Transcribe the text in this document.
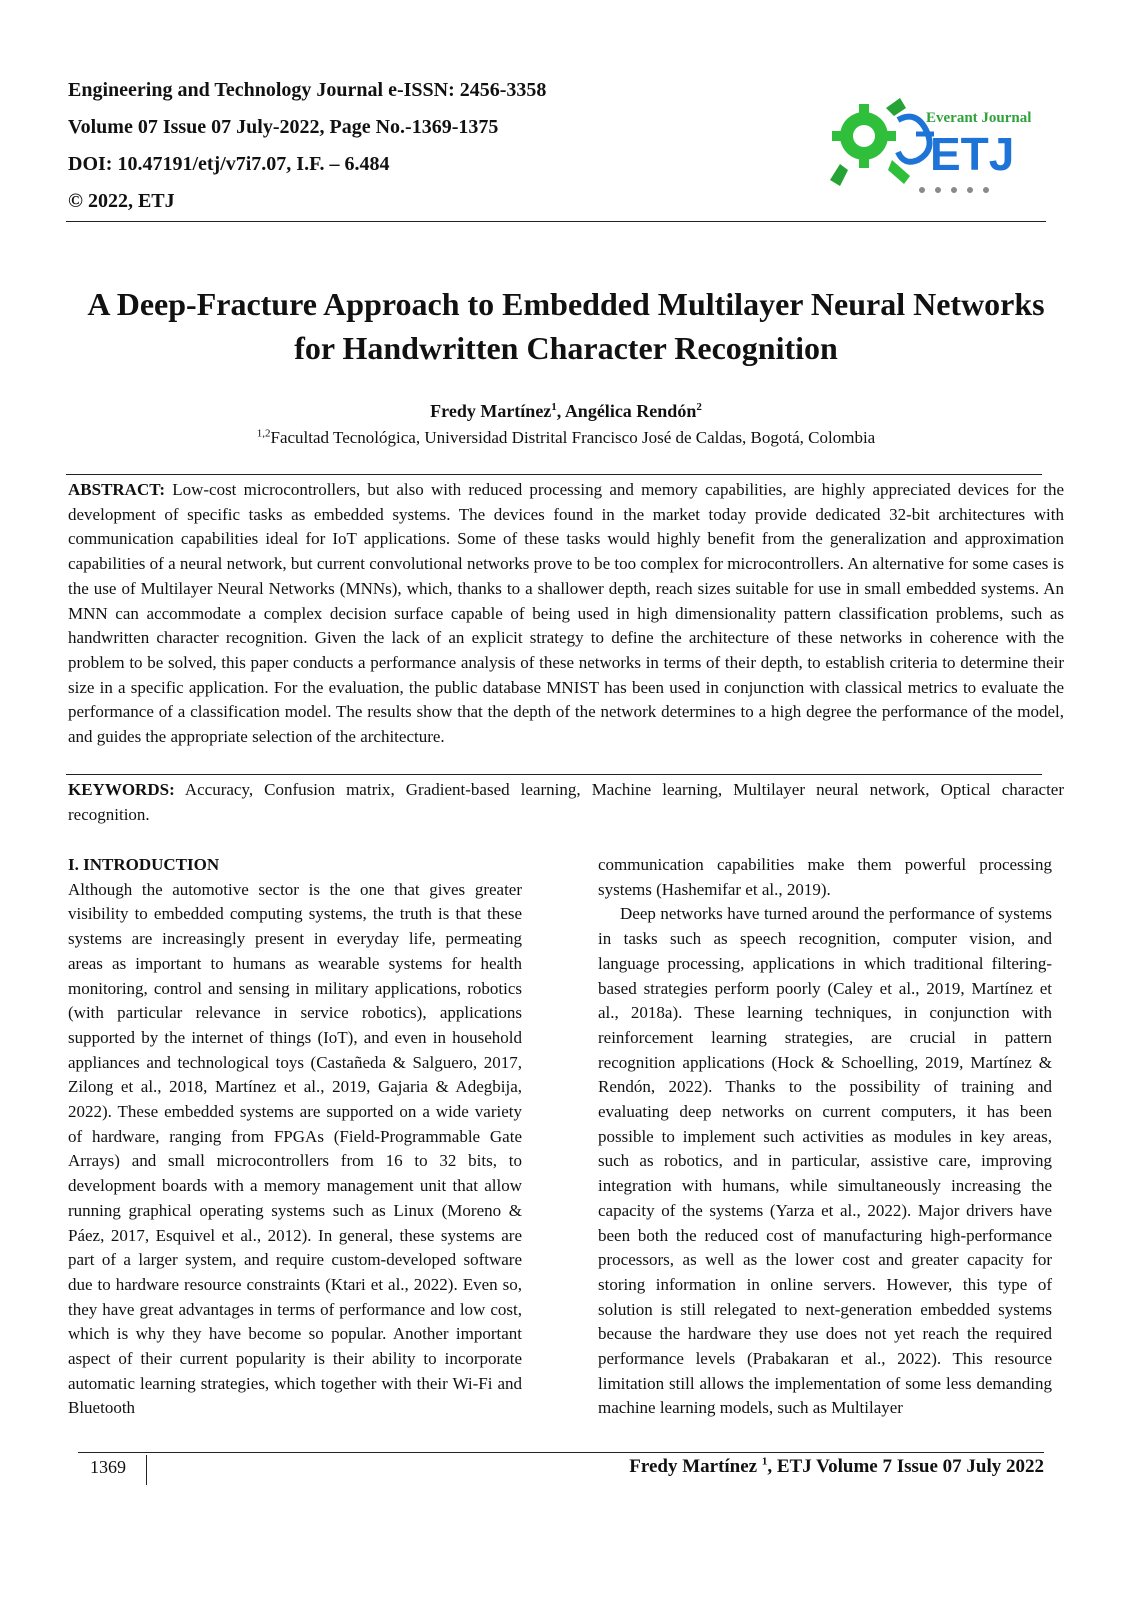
Engineering and Technology Journal e-ISSN: 2456-3358
Volume 07 Issue 07 July-2022, Page No.-1369-1375
DOI: 10.47191/etj/v7i7.07, I.F. – 6.484
© 2022, ETJ
Everant Journal
ETJ
A Deep-Fracture Approach to Embedded Multilayer Neural Networks for Handwritten Character Recognition
Fredy Martínez$^1$, Angélica Rendón$^2$
$^{1,2}$Facultad Tecnológica, Universidad Distrital Francisco José de Caldas, Bogotá, Colombia
ABSTRACT: Low-cost microcontrollers, but also with reduced processing and memory capabilities, are highly appreciated devices for the development of specific tasks as embedded systems. The devices found in the market today provide dedicated 32-bit architectures with communication capabilities ideal for IoT applications. Some of these tasks would highly benefit from the generalization and approximation capabilities of a neural network, but current convolutional networks prove to be too complex for microcontrollers. An alternative for some cases is the use of Multilayer Neural Networks (MNNs), which, thanks to a shallower depth, reach sizes suitable for use in small embedded systems. An MNN can accommodate a complex decision surface capable of being used in high dimensionality pattern classification problems, such as handwritten character recognition. Given the lack of an explicit strategy to define the architecture of these networks in coherence with the problem to be solved, this paper conducts a performance analysis of these networks in terms of their depth, to establish criteria to determine their size in a specific application. For the evaluation, the public database MNIST has been used in conjunction with classical metrics to evaluate the performance of a classification model. The results show that the depth of the network determines to a high degree the performance of the model, and guides the appropriate selection of the architecture.
KEYWORDS: Accuracy, Confusion matrix, Gradient-based learning, Machine learning, Multilayer neural network, Optical character recognition.

I. INTRODUCTION

Although the automotive sector is the one that gives greater visibility to embedded computing systems, the truth is that these systems are increasingly present in everyday life, permeating areas as important to humans as wearable systems for health monitoring, control and sensing in military applications, robotics (with particular relevance in service robotics), applications supported by the internet of things (IoT), and even in household appliances and technological toys (Castañeda & Salguero, 2017, Zilong et al., 2018, Martínez et al., 2019, Gajaria & Adegbija, 2022). These embedded systems are supported on a wide variety of hardware, ranging from FPGAs (Field-Programmable Gate Arrays) and small microcontrollers from 16 to 32 bits, to development boards with a memory management unit that allow running graphical operating systems such as Linux (Moreno & Páez, 2017, Esquivel et al., 2012). In general, these systems are part of a larger system, and require custom-developed software due to hardware resource constraints (Ktari et al., 2022). Even so, they have great advantages in terms of performance and low cost, which is why they have become so popular. Another important aspect of their current popularity is their ability to incorporate automatic learning strategies, which together with their Wi-Fi and Bluetooth

communication capabilities make them powerful processing systems (Hashemifar et al., 2019).

Deep networks have turned around the performance of systems in tasks such as speech recognition, computer vision, and language processing, applications in which traditional filtering-based strategies perform poorly (Caley et al., 2019, Martínez et al., 2018a). These learning techniques, in conjunction with reinforcement learning strategies, are crucial in pattern recognition applications (Hock & Schoelling, 2019, Martínez & Rendón, 2022). Thanks to the possibility of training and evaluating deep networks on current computers, it has been possible to implement such activities as modules in key areas, such as robotics, and in particular, assistive care, improving integration with humans, while simultaneously increasing the capacity of the systems (Yarza et al., 2022). Major drivers have been both the reduced cost of manufacturing high-performance processors, as well as the lower cost and greater capacity for storing information in online servers. However, this type of solution is still relegated to next-generation embedded systems because the hardware they use does not yet reach the required performance levels (Prabakaran et al., 2022). This resource limitation still allows the implementation of some less demanding machine learning models, such as Multilayer

1369	Fredy Martínez $^1$, ETJ Volume 7 Issue 07 July 2022
